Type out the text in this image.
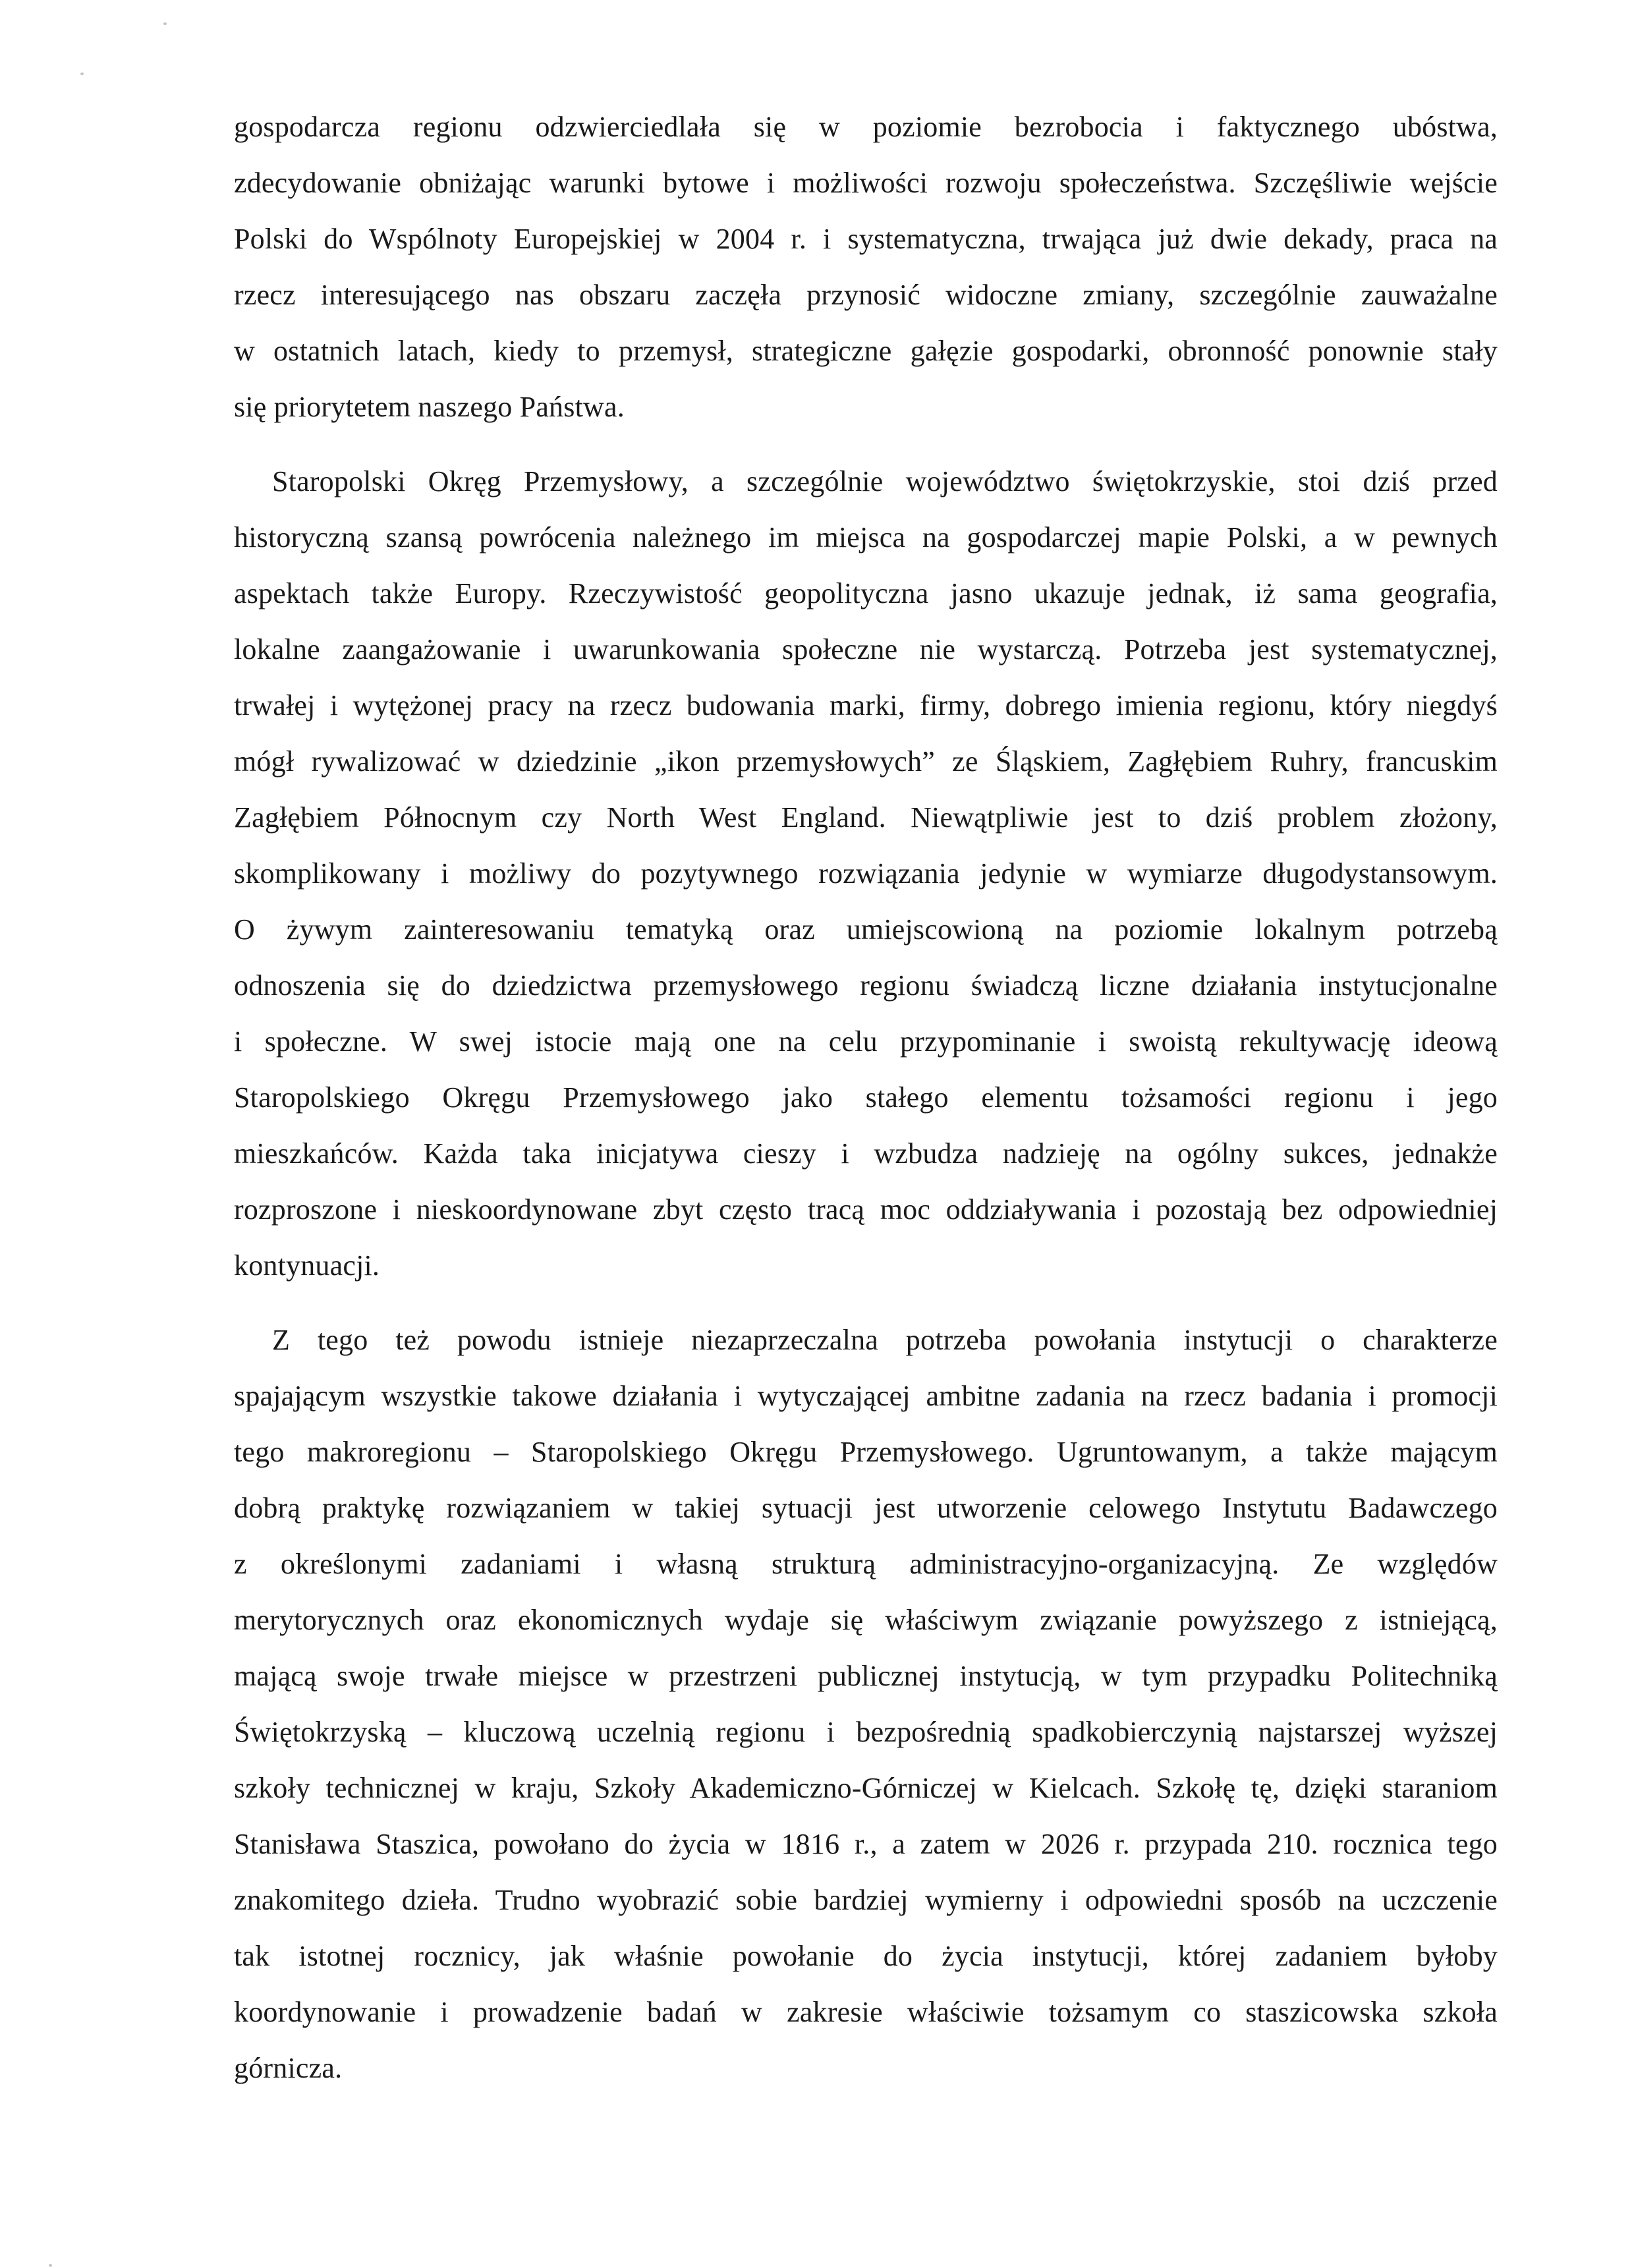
gospodarcza regionu odzwierciedlała się w poziomie bezrobocia i faktycznego ubóstwa,
zdecydowanie obniżając warunki bytowe i możliwości rozwoju społeczeństwa. Szczęśliwie wejście
Polski do Wspólnoty Europejskiej w 2004 r. i systematyczna, trwająca już dwie dekady, praca na
rzecz interesującego nas obszaru zaczęła przynosić widoczne zmiany, szczególnie zauważalne
w ostatnich latach, kiedy to przemysł, strategiczne gałęzie gospodarki, obronność ponownie stały
się priorytetem naszego Państwa.
Staropolski Okręg Przemysłowy, a szczególnie województwo świętokrzyskie, stoi dziś przed
historyczną szansą powrócenia należnego im miejsca na gospodarczej mapie Polski, a w pewnych
aspektach także Europy. Rzeczywistość geopolityczna jasno ukazuje jednak, iż sama geografia,
lokalne zaangażowanie i uwarunkowania społeczne nie wystarczą. Potrzeba jest systematycznej,
trwałej i wytężonej pracy na rzecz budowania marki, firmy, dobrego imienia regionu, który niegdyś
mógł rywalizować w dziedzinie „ikon przemysłowych” ze Śląskiem, Zagłębiem Ruhry, francuskim
Zagłębiem Północnym czy North West England. Niewątpliwie jest to dziś problem złożony,
skomplikowany i możliwy do pozytywnego rozwiązania jedynie w wymiarze długodystansowym.
O żywym zainteresowaniu tematyką oraz umiejscowioną na poziomie lokalnym potrzebą
odnoszenia się do dziedzictwa przemysłowego regionu świadczą liczne działania instytucjonalne
i społeczne. W swej istocie mają one na celu przypominanie i swoistą rekultywację ideową
Staropolskiego Okręgu Przemysłowego jako stałego elementu tożsamości regionu i jego
mieszkańców. Każda taka inicjatywa cieszy i wzbudza nadzieję na ogólny sukces, jednakże
rozproszone i nieskoordynowane zbyt często tracą moc oddziaływania i pozostają bez odpowiedniej
kontynuacji.
Z tego też powodu istnieje niezaprzeczalna potrzeba powołania instytucji o charakterze
spajającym wszystkie takowe działania i wytyczającej ambitne zadania na rzecz badania i promocji
tego makroregionu – Staropolskiego Okręgu Przemysłowego. Ugruntowanym, a także mającym
dobrą praktykę rozwiązaniem w takiej sytuacji jest utworzenie celowego Instytutu Badawczego
z określonymi zadaniami i własną strukturą administracyjno-organizacyjną. Ze względów
merytorycznych oraz ekonomicznych wydaje się właściwym związanie powyższego z istniejącą,
mającą swoje trwałe miejsce w przestrzeni publicznej instytucją, w tym przypadku Politechniką
Świętokrzyską – kluczową uczelnią regionu i bezpośrednią spadkobierczynią najstarszej wyższej
szkoły technicznej w kraju, Szkoły Akademiczno-Górniczej w Kielcach. Szkołę tę, dzięki staraniom
Stanisława Staszica, powołano do życia w 1816 r., a zatem w 2026 r. przypada 210. rocznica tego
znakomitego dzieła. Trudno wyobrazić sobie bardziej wymierny i odpowiedni sposób na uczczenie
tak istotnej rocznicy, jak właśnie powołanie do życia instytucji, której zadaniem byłoby
koordynowanie i prowadzenie badań w zakresie właściwie tożsamym co staszicowska szkoła
górnicza.
